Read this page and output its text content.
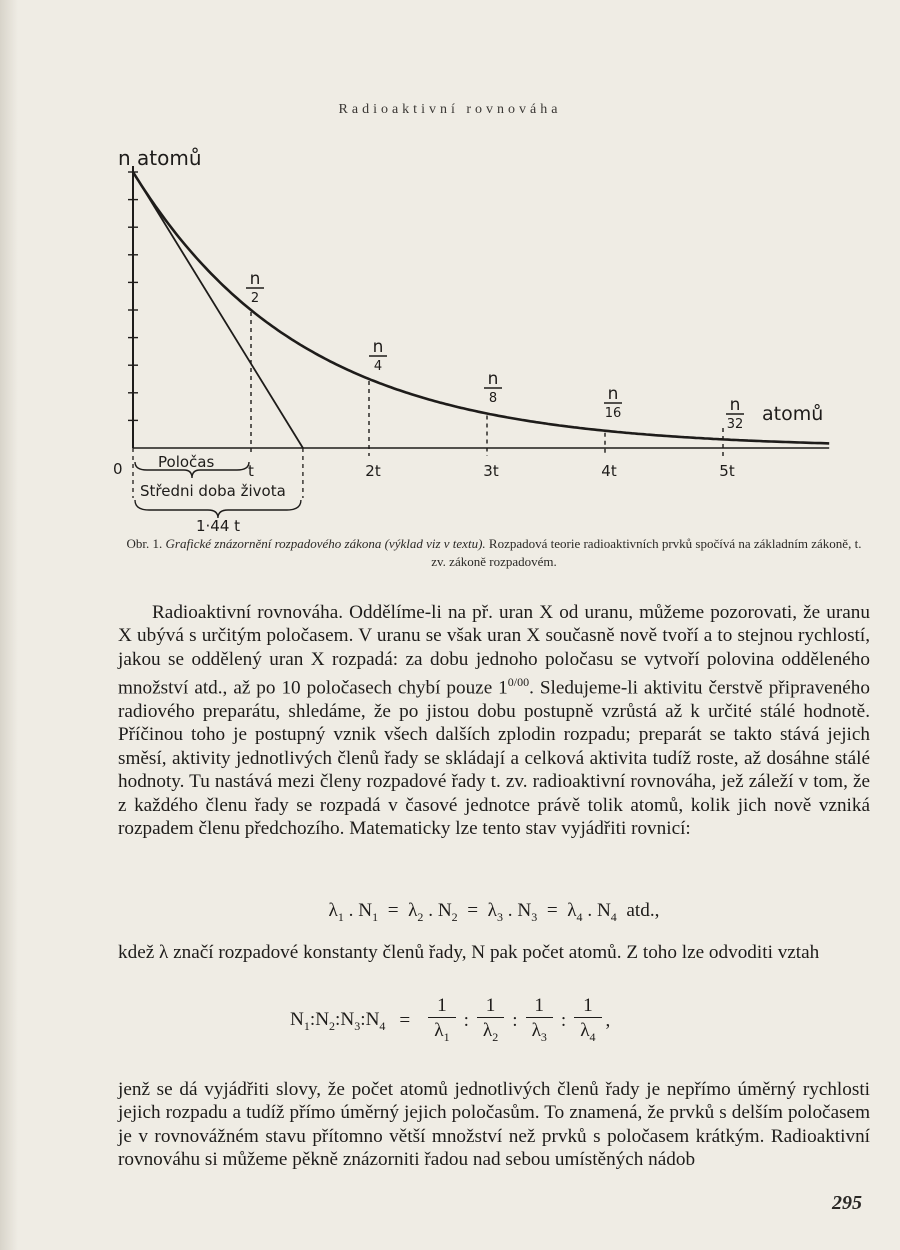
Radioaktivní rovnováha
n
2
t
n
4
2t
n
8
3t
n
16
4t
n
32
5t
n atomů
0
atomů
Poločas
Středni doba života
1·44 t
Obr. 1. Grafické znázornění rozpadového zákona (výklad viz v textu). Rozpadová teorie radioaktivních prvků spočívá na základním zákoně, t. zv. zákoně rozpadovém.

Radioaktivní rovnováha. Oddělíme-li na př. uran X od uranu, můžeme pozorovati, že uranu X ubývá s určitým poločasem. V uranu se však uran X současně nově tvoří a to stejnou rychlostí, jakou se oddělený uran X rozpadá: za dobu jednoho poločasu se vytvoří polovina odděleného množství atd., až po 10 poločasech chybí pouze $1^{0/00}$. Sledujeme-li aktivitu čerstvě připraveného radiového preparátu, shledáme, že po jistou dobu postupně vzrůstá až k určité stálé hodnotě. Příčinou toho je postupný vznik všech dalších zplodin rozpadu; preparát se takto stává jejich směsí, aktivity jednotlivých členů řady se skládají a celková aktivita tudíž roste, až dosáhne stálé hodnoty. Tu nastává mezi členy rozpadové řady t. zv. radioaktivní rovnováha, jež záleží v tom, že z každého členu řady se rozpadá v časové jednotce právě tolik atomů, kolik jich nově vzniká rozpadem členu předchozího. Matematicky lze tento stav vyjádřiti rovnicí:

$\lambda_1$ . $N_1 = \lambda_2$ . $N_2 = \lambda_3$ . $N_3 = \lambda_4$ . $N_4$ atd.,

kdež λ značí rozpadové konstanty členů řady, N pak počet atomů. Z toho lze odvoditi vztah

$N_1:N_2:N_3:N_4 = \frac{1}{\lambda_1}$ : $\frac{1}{\lambda_2}$ : $\frac{1}{\lambda_3}$ : $\frac{1}{\lambda_4}$ ,

jenž se dá vyjádřiti slovy, že počet atomů jednotlivých členů řady je nepřímo úměrný rychlosti jejich rozpadu a tudíž přímo úměrný jejich poločasům. To znamená, že prvků s delším poločasem je v rovnovážném stavu přítomno větší množství než prvků s poločasem krátkým. Radioaktivní rovnováhu si můžeme pěkně znázorniti řadou nad sebou umístěných nádob

295
